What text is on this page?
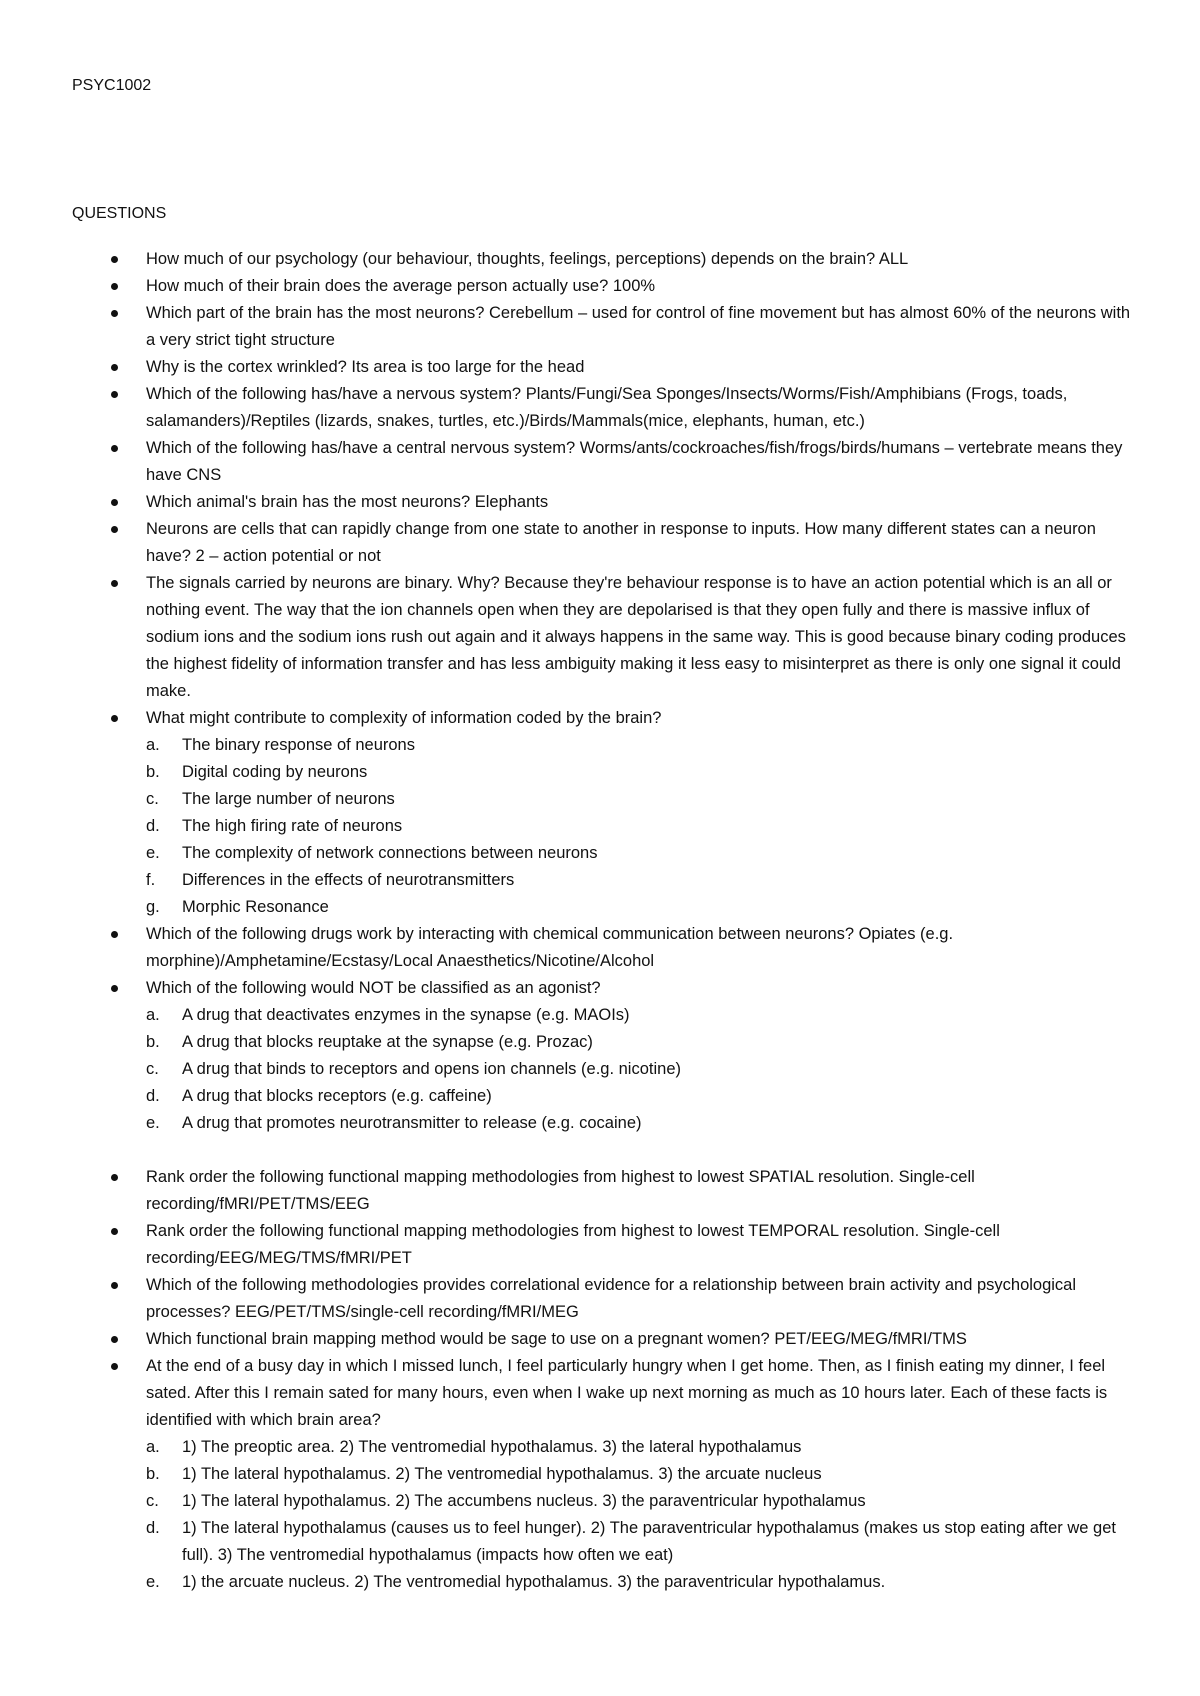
PSYC1002
QUESTIONS
How much of our psychology (our behaviour, thoughts, feelings, perceptions) depends on the brain? ALL
How much of their brain does the average person actually use? 100%
Which part of the brain has the most neurons? Cerebellum – used for control of fine movement but has almost 60% of the neurons with a very strict tight structure
Why is the cortex wrinkled? Its area is too large for the head
Which of the following has/have a nervous system? Plants/Fungi/Sea Sponges/Insects/Worms/Fish/Amphibians (Frogs, toads, salamanders)/Reptiles (lizards, snakes, turtles, etc.)/Birds/Mammals(mice, elephants, human, etc.)
Which of the following has/have a central nervous system? Worms/ants/cockroaches/fish/frogs/birds/humans – vertebrate means they have CNS
Which animal's brain has the most neurons? Elephants
Neurons are cells that can rapidly change from one state to another in response to inputs. How many different states can a neuron have? 2 – action potential or not
The signals carried by neurons are binary. Why? Because they're behaviour response is to have an action potential which is an all or nothing event. The way that the ion channels open when they are depolarised is that they open fully and there is massive influx of sodium ions and the sodium ions rush out again and it always happens in the same way. This is good because binary coding produces the highest fidelity of information transfer and has less ambiguity making it less easy to misinterpret as there is only one signal it could make.
What might contribute to complexity of information coded by the brain?
a.	The binary response of neurons
b.	Digital coding by neurons
c.	The large number of neurons
d.	The high firing rate of neurons
e.	The complexity of network connections between neurons
f.	Differences in the effects of neurotransmitters
g.	Morphic Resonance
Which of the following drugs work by interacting with chemical communication between neurons? Opiates (e.g. morphine)/Amphetamine/Ecstasy/Local Anaesthetics/Nicotine/Alcohol
Which of the following would NOT be classified as an agonist?
a.	A drug that deactivates enzymes in the synapse (e.g. MAOIs)
b.	A drug that blocks reuptake at the synapse (e.g. Prozac)
c.	A drug that binds to receptors and opens ion channels (e.g. nicotine)
d.	A drug that blocks receptors (e.g. caffeine)
e.	A drug that promotes neurotransmitter to release (e.g. cocaine)
Rank order the following functional mapping methodologies from highest to lowest SPATIAL resolution. Single-cell recording/fMRI/PET/TMS/EEG
Rank order the following functional mapping methodologies from highest to lowest TEMPORAL resolution. Single-cell recording/EEG/MEG/TMS/fMRI/PET
Which of the following methodologies provides correlational evidence for a relationship between brain activity and psychological processes? EEG/PET/TMS/single-cell recording/fMRI/MEG
Which functional brain mapping method would be sage to use on a pregnant women? PET/EEG/MEG/fMRI/TMS
At the end of a busy day in which I missed lunch, I feel particularly hungry when I get home. Then, as I finish eating my dinner, I feel sated. After this I remain sated for many hours, even when I wake up next morning as much as 10 hours later. Each of these facts is identified with which brain area?
a.	1) The preoptic area. 2) The ventromedial hypothalamus. 3) the lateral hypothalamus
b.	1) The lateral hypothalamus. 2) The ventromedial hypothalamus. 3) the arcuate nucleus
c.	1) The lateral hypothalamus. 2) The accumbens nucleus. 3) the paraventricular hypothalamus
d.	1) The lateral hypothalamus (causes us to feel hunger). 2) The paraventricular hypothalamus (makes us stop eating after we get full). 3) The ventromedial hypothalamus (impacts how often we eat)
e.	1) the arcuate nucleus. 2) The ventromedial hypothalamus. 3) the paraventricular hypothalamus.
